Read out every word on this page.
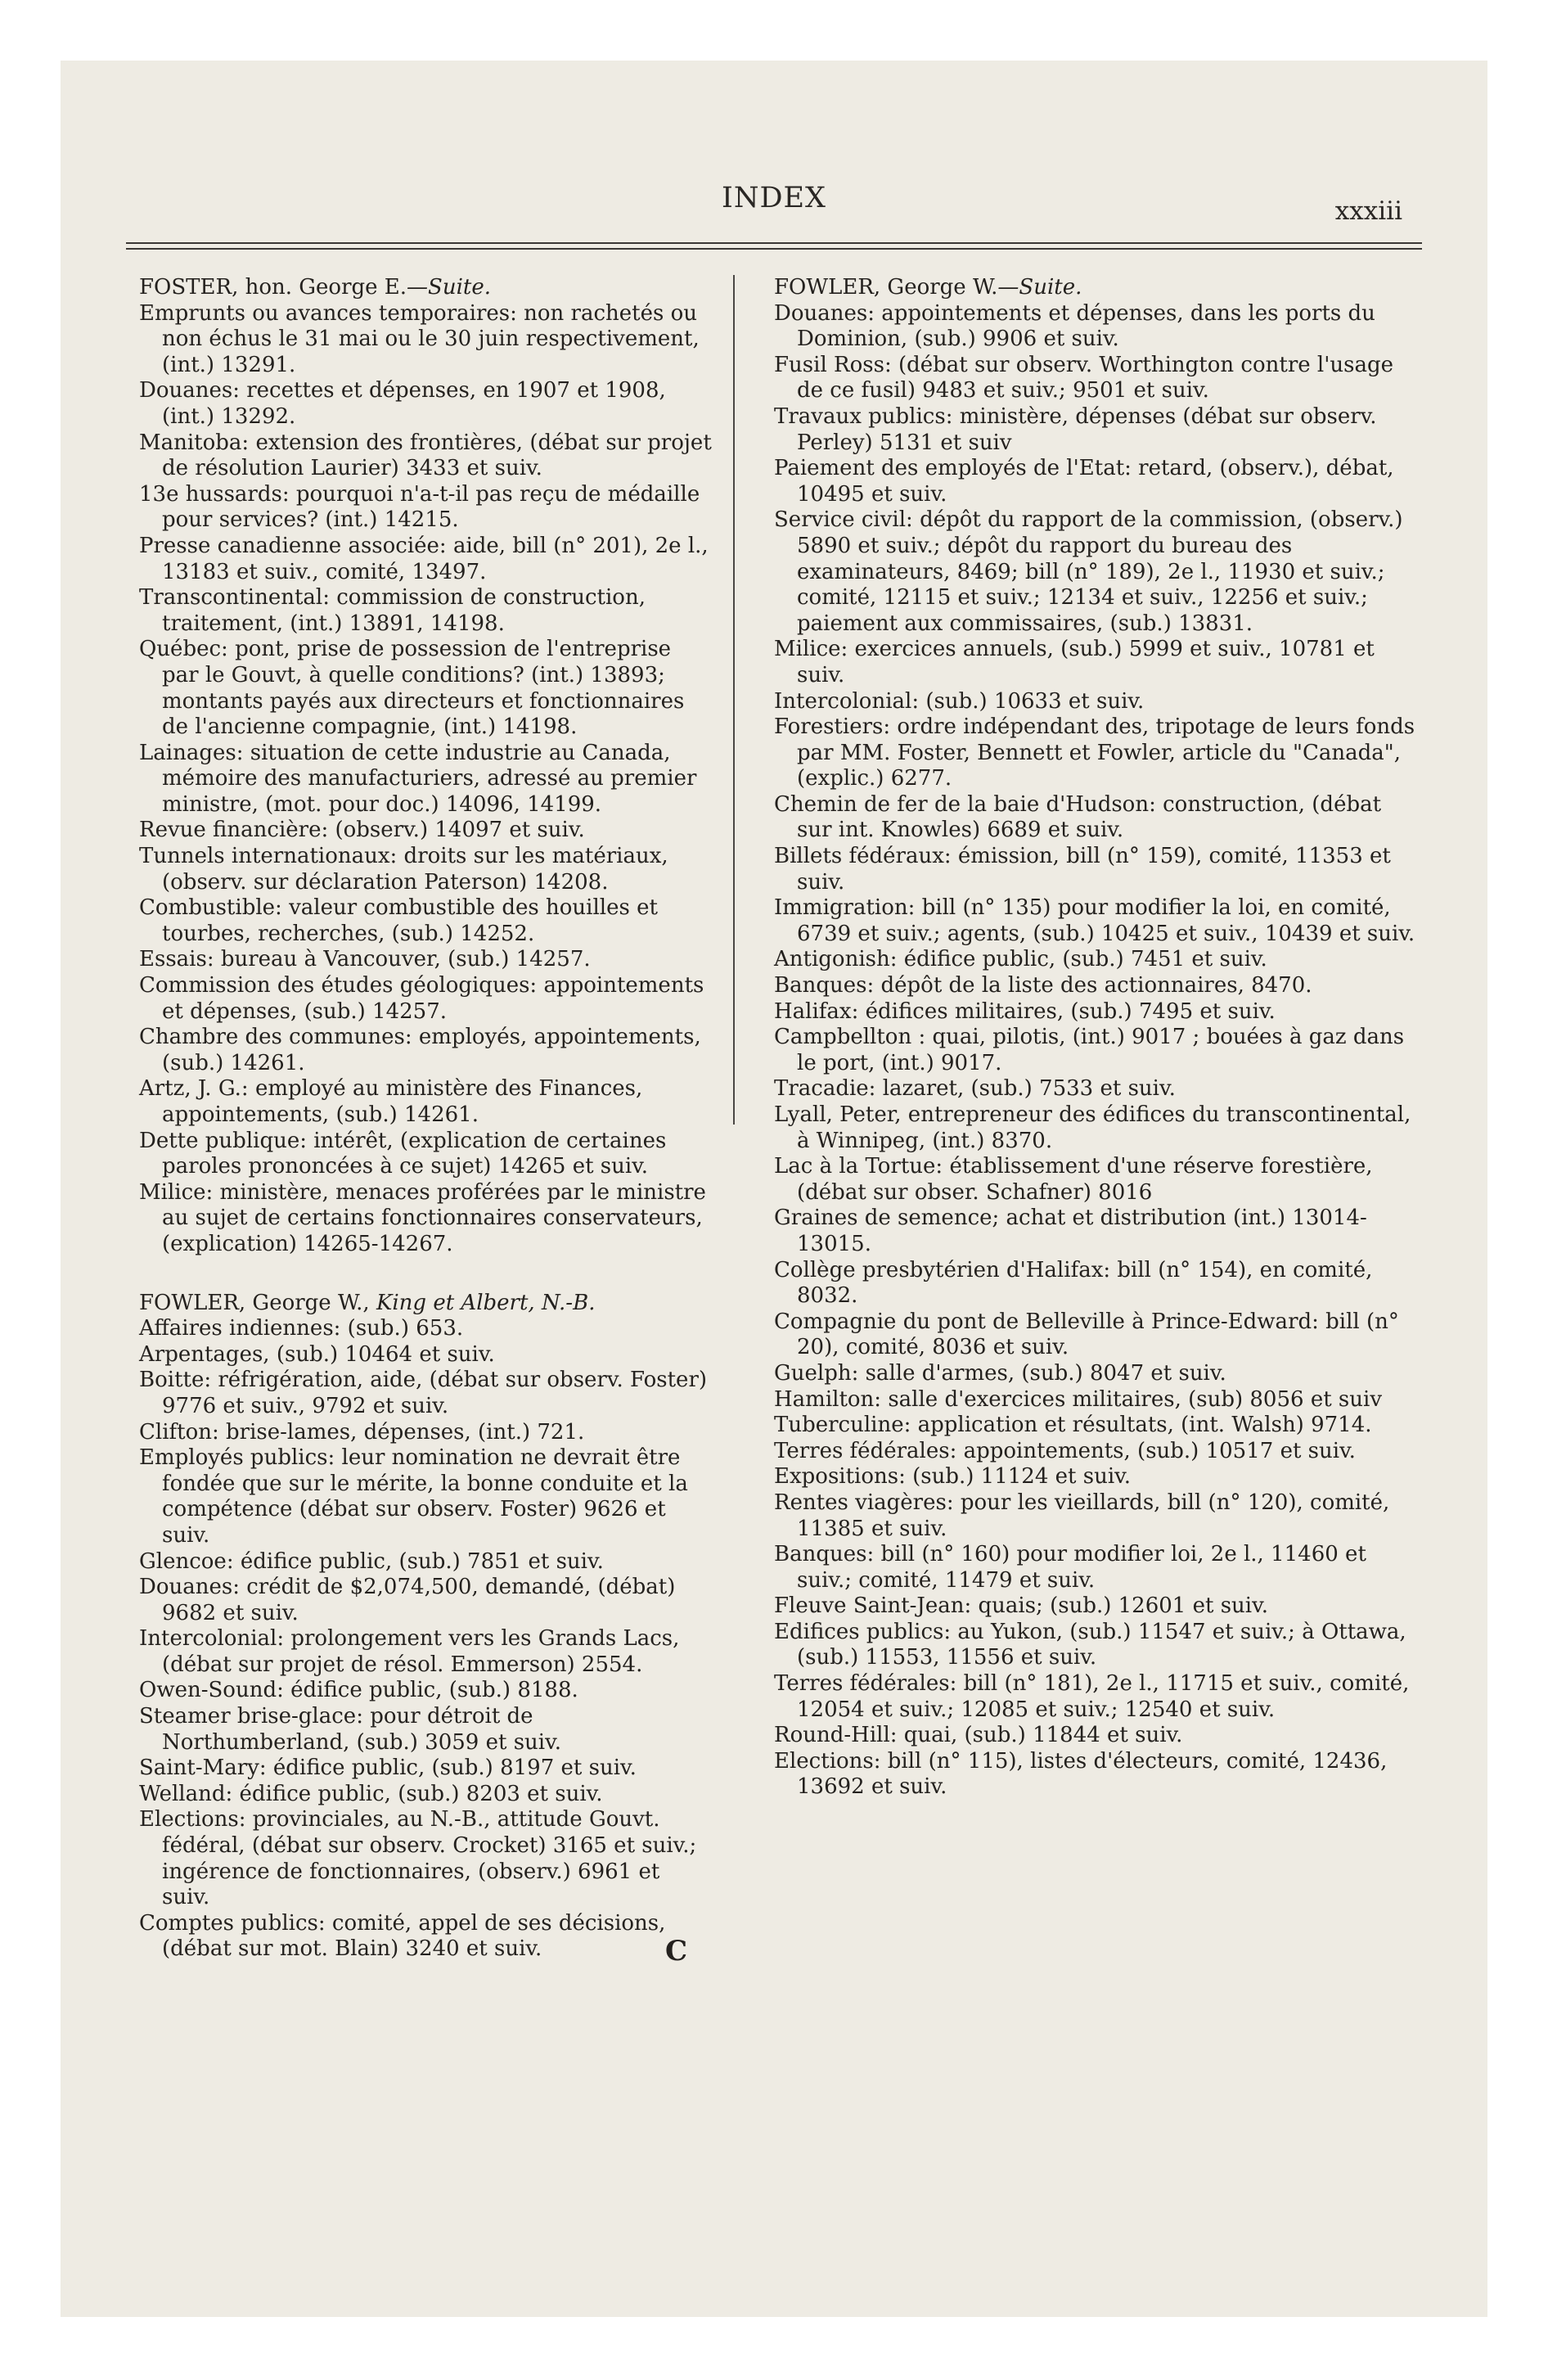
INDEX	xxxiii

FOSTER, hon. George E.—Suite.

Emprunts ou avances temporaires: non rachetés ou non échus le 31 mai ou le 30 juin respectivement, (int.) 13291.

Douanes: recettes et dépenses, en 1907 et 1908, (int.) 13292.

Manitoba: extension des frontières, (débat sur projet de résolution Laurier) 3433 et suiv.

13e hussards: pourquoi n'a-t-il pas reçu de médaille pour services? (int.) 14215.

Presse canadienne associée: aide, bill (n° 201), 2e l., 13183 et suiv., comité, 13497.

Transcontinental: commission de construction, traitement, (int.) 13891, 14198.

Québec: pont, prise de possession de l'entreprise par le Gouvt, à quelle conditions? (int.) 13893; montants payés aux directeurs et fonctionnaires de l'ancienne compagnie, (int.) 14198.

Lainages: situation de cette industrie au Canada, mémoire des manufacturiers, adressé au premier ministre, (mot. pour doc.) 14096, 14199.

Revue financière: (observ.) 14097 et suiv.

Tunnels internationaux: droits sur les matériaux, (observ. sur déclaration Paterson) 14208.

Combustible: valeur combustible des houilles et tourbes, recherches, (sub.) 14252.

Essais: bureau à Vancouver, (sub.) 14257.

Commission des études géologiques: appointements et dépenses, (sub.) 14257.

Chambre des communes: employés, appointements, (sub.) 14261.

Artz, J. G.: employé au ministère des Finances, appointements, (sub.) 14261.

Dette publique: intérêt, (explication de certaines paroles prononcées à ce sujet) 14265 et suiv.

Milice: ministère, menaces proférées par le ministre au sujet de certains fonctionnaires conservateurs, (explication) 14265-14267.

FOWLER, George W., King et Albert, N.-B.

Affaires indiennes: (sub.) 653.

Arpentages, (sub.) 10464 et suiv.

Boitte: réfrigération, aide, (débat sur observ. Foster) 9776 et suiv., 9792 et suiv.

Clifton: brise-lames, dépenses, (int.) 721.

Employés publics: leur nomination ne devrait être fondée que sur le mérite, la bonne conduite et la compétence (débat sur observ. Foster) 9626 et suiv.

Glencoe: édifice public, (sub.) 7851 et suiv.

Douanes: crédit de $2,074,500, demandé, (débat) 9682 et suiv.

Intercolonial: prolongement vers les Grands Lacs, (débat sur projet de résol. Emmerson) 2554.

Owen-Sound: édifice public, (sub.) 8188.

Steamer brise-glace: pour détroit de Northumberland, (sub.) 3059 et suiv.

Saint-Mary: édifice public, (sub.) 8197 et suiv.

Welland: édifice public, (sub.) 8203 et suiv.

Elections: provinciales, au N.-B., attitude Gouvt. fédéral, (débat sur observ. Crocket) 3165 et suiv.; ingérence de fonctionnaires, (observ.) 6961 et suiv.

Comptes publics: comité, appel de ses décisions, (débat sur mot. Blain) 3240 et suiv.

FOWLER, George W.—Suite.

Douanes: appointements et dépenses, dans les ports du Dominion, (sub.) 9906 et suiv.

Fusil Ross: (débat sur observ. Worthington contre l'usage de ce fusil) 9483 et suiv.; 9501 et suiv.

Travaux publics: ministère, dépenses (débat sur observ. Perley) 5131 et suiv

Paiement des employés de l'Etat: retard, (observ.), débat, 10495 et suiv.

Service civil: dépôt du rapport de la commission, (observ.) 5890 et suiv.; dépôt du rapport du bureau des examinateurs, 8469; bill (n° 189), 2e l., 11930 et suiv.; comité, 12115 et suiv.; 12134 et suiv., 12256 et suiv.; paiement aux commissaires, (sub.) 13831.

Milice: exercices annuels, (sub.) 5999 et suiv., 10781 et suiv.

Intercolonial: (sub.) 10633 et suiv.

Forestiers: ordre indépendant des, tripotage de leurs fonds par MM. Foster, Bennett et Fowler, article du "Canada", (explic.) 6277.

Chemin de fer de la baie d'Hudson: construction, (débat sur int. Knowles) 6689 et suiv.

Billets fédéraux: émission, bill (n° 159), comité, 11353 et suiv.

Immigration: bill (n° 135) pour modifier la loi, en comité, 6739 et suiv.; agents, (sub.) 10425 et suiv., 10439 et suiv.

Antigonish: édifice public, (sub.) 7451 et suiv.

Banques: dépôt de la liste des actionnaires, 8470.

Halifax: édifices militaires, (sub.) 7495 et suiv.

Campbellton : quai, pilotis, (int.) 9017 ; bouées à gaz dans le port, (int.) 9017.

Tracadie: lazaret, (sub.) 7533 et suiv.

Lyall, Peter, entrepreneur des édifices du transcontinental, à Winnipeg, (int.) 8370.

Lac à la Tortue: établissement d'une réserve forestière, (débat sur obser. Schafner) 8016

Graines de semence; achat et distribution (int.) 13014-13015.

Collège presbytérien d'Halifax: bill (n° 154), en comité, 8032.

Compagnie du pont de Belleville à Prince-Edward: bill (n° 20), comité, 8036 et suiv.

Guelph: salle d'armes, (sub.) 8047 et suiv.

Hamilton: salle d'exercices militaires, (sub) 8056 et suiv

Tuberculine: application et résultats, (int. Walsh) 9714.

Terres fédérales: appointements, (sub.) 10517 et suiv.

Expositions: (sub.) 11124 et suiv.

Rentes viagères: pour les vieillards, bill (n° 120), comité, 11385 et suiv.

Banques: bill (n° 160) pour modifier loi, 2e l., 11460 et suiv.; comité, 11479 et suiv.

Fleuve Saint-Jean: quais; (sub.) 12601 et suiv.

Edifices publics: au Yukon, (sub.) 11547 et suiv.; à Ottawa, (sub.) 11553, 11556 et suiv.

Terres fédérales: bill (n° 181), 2e l., 11715 et suiv., comité, 12054 et suiv.; 12085 et suiv.; 12540 et suiv.

Round-Hill: quai, (sub.) 11844 et suiv.

Elections: bill (n° 115), listes d'électeurs, comité, 12436, 13692 et suiv.

C
